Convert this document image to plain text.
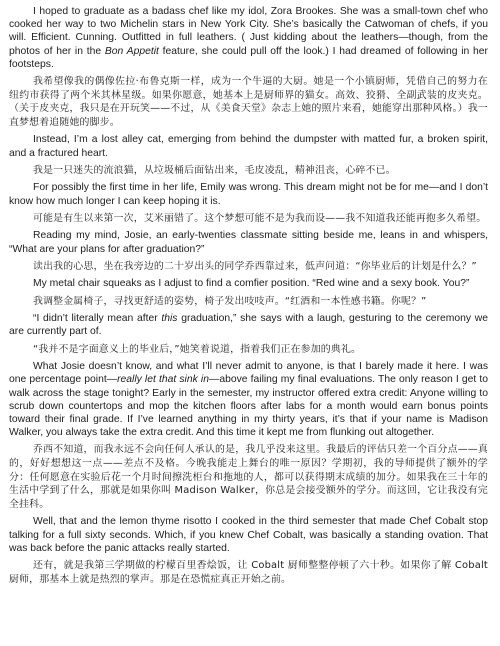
I hoped to graduate as a badass chef like my idol, Zora Brookes. She was a small-town chef who cooked her way to two Michelin stars in New York City. She’s basically the Catwoman of chefs, if you will. Efficient. Cunning. Outfitted in full leathers. ( Just kidding about the leathers—though, from the photos of her in the Bon Appetit feature, she could pull off the look.) I had dreamed of following in her footsteps.

我希望像我的偶像佐拉·布鲁克斯一样，成为一个牛逼的大厨。她是一个小镇厨师，凭借自己的努力在纽约市获得了两个米其林星级。如果你愿意，她基本上是厨师界的猫女。高效、狡猾、全副武装的皮夹克。（关于皮夹克，我只是在开玩笑——不过，从《美食天堂》杂志上她的照片来看，她能穿出那种风格。）我一直梦想着追随她的脚步。

Instead, I’m a lost alley cat, emerging from behind the dumpster with matted fur, a broken spirit, and a fractured heart.

我是一只迷失的流浪猫，从垃圾桶后面钻出来，毛皮凌乱，精神沮丧，心碎不已。

For possibly the first time in her life, Emily was wrong. This dream might not be for me—and I don’t know how much longer I can keep hoping it is.

可能是有生以来第一次，艾米丽错了。这个梦想可能不是为我而设——我不知道我还能再抱多久希望。

Reading my mind, Josie, an early-twenties classmate sitting beside me, leans in and whispers, “What are your plans for after graduation?”

读出我的心思，坐在我旁边的二十岁出头的同学乔西靠过来，低声问道：“你毕业后的计划是什么？”

My metal chair squeaks as I adjust to find a comfier position. “Red wine and a sexy book. You?”

我调整金属椅子，寻找更舒适的姿势，椅子发出吱吱声。“红酒和一本性感书籍。你呢？”

“I didn’t literally mean after this graduation,” she says with a laugh, gesturing to the ceremony we are currently part of.

“我并不是字面意义上的毕业后，”她笑着说道，指着我们正在参加的典礼。

What Josie doesn’t know, and what I’ll never admit to anyone, is that I barely made it here. I was one percentage point—really let that sink in—above failing my final evaluations. The only reason I get to walk across the stage tonight? Early in the semester, my instructor offered extra credit: Anyone willing to scrub down countertops and mop the kitchen floors after labs for a month would earn bonus points toward their final grade. If I’ve learned anything in my thirty years, it’s that if your name is Madison Walker, you always take the extra credit. And this time it kept me from flunking out altogether.

乔西不知道，而我永远不会向任何人承认的是，我几乎没来这里。我最后的评估只差一个百分点——真的，好好想想这一点——差点不及格。今晚我能走上舞台的唯一原因？学期初，我的导师提供了额外的学分：任何愿意在实验后花一个月时间擦洗柜台和拖地的人，都可以获得期末成绩的加分。如果我在三十年的生活中学到了什么，那就是如果你叫 Madison Walker，你总是会接受额外的学分。而这回，它让我没有完全挂科。

Well, that and the lemon thyme risotto I cooked in the third semester that made Chef Cobalt stop talking for a full sixty seconds. Which, if you knew Chef Cobalt, was basically a standing ovation. That was back before the panic attacks really started.

还有，就是我第三学期做的柠檬百里香烩饭，让 Cobalt 厨师整整停顿了六十秒。如果你了解 Cobalt 厨师，那基本上就是热烈的掌声。那是在恐慌症真正开始之前。
